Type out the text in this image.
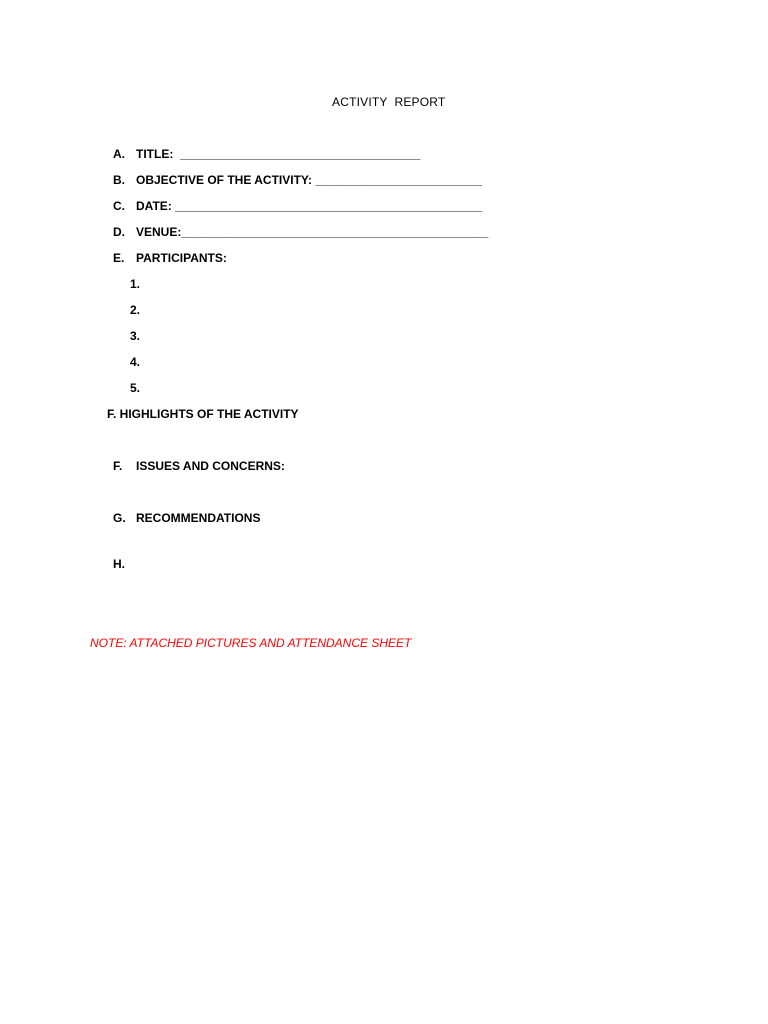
ACTIVITY  REPORT

A.

TITLE:  ____________________________________

B.

OBJECTIVE OF THE ACTIVITY: _________________________

C.

DATE: ______________________________________________

D.

VENUE:______________________________________________

E.

PARTICIPANTS:

1.
2.
3.
4.
5.
F. HIGHLIGHTS OF THE ACTIVITY

F.

ISSUES AND CONCERNS:

G.

RECOMMENDATIONS

H.

NOTE: ATTACHED PICTURES AND ATTENDANCE SHEET
